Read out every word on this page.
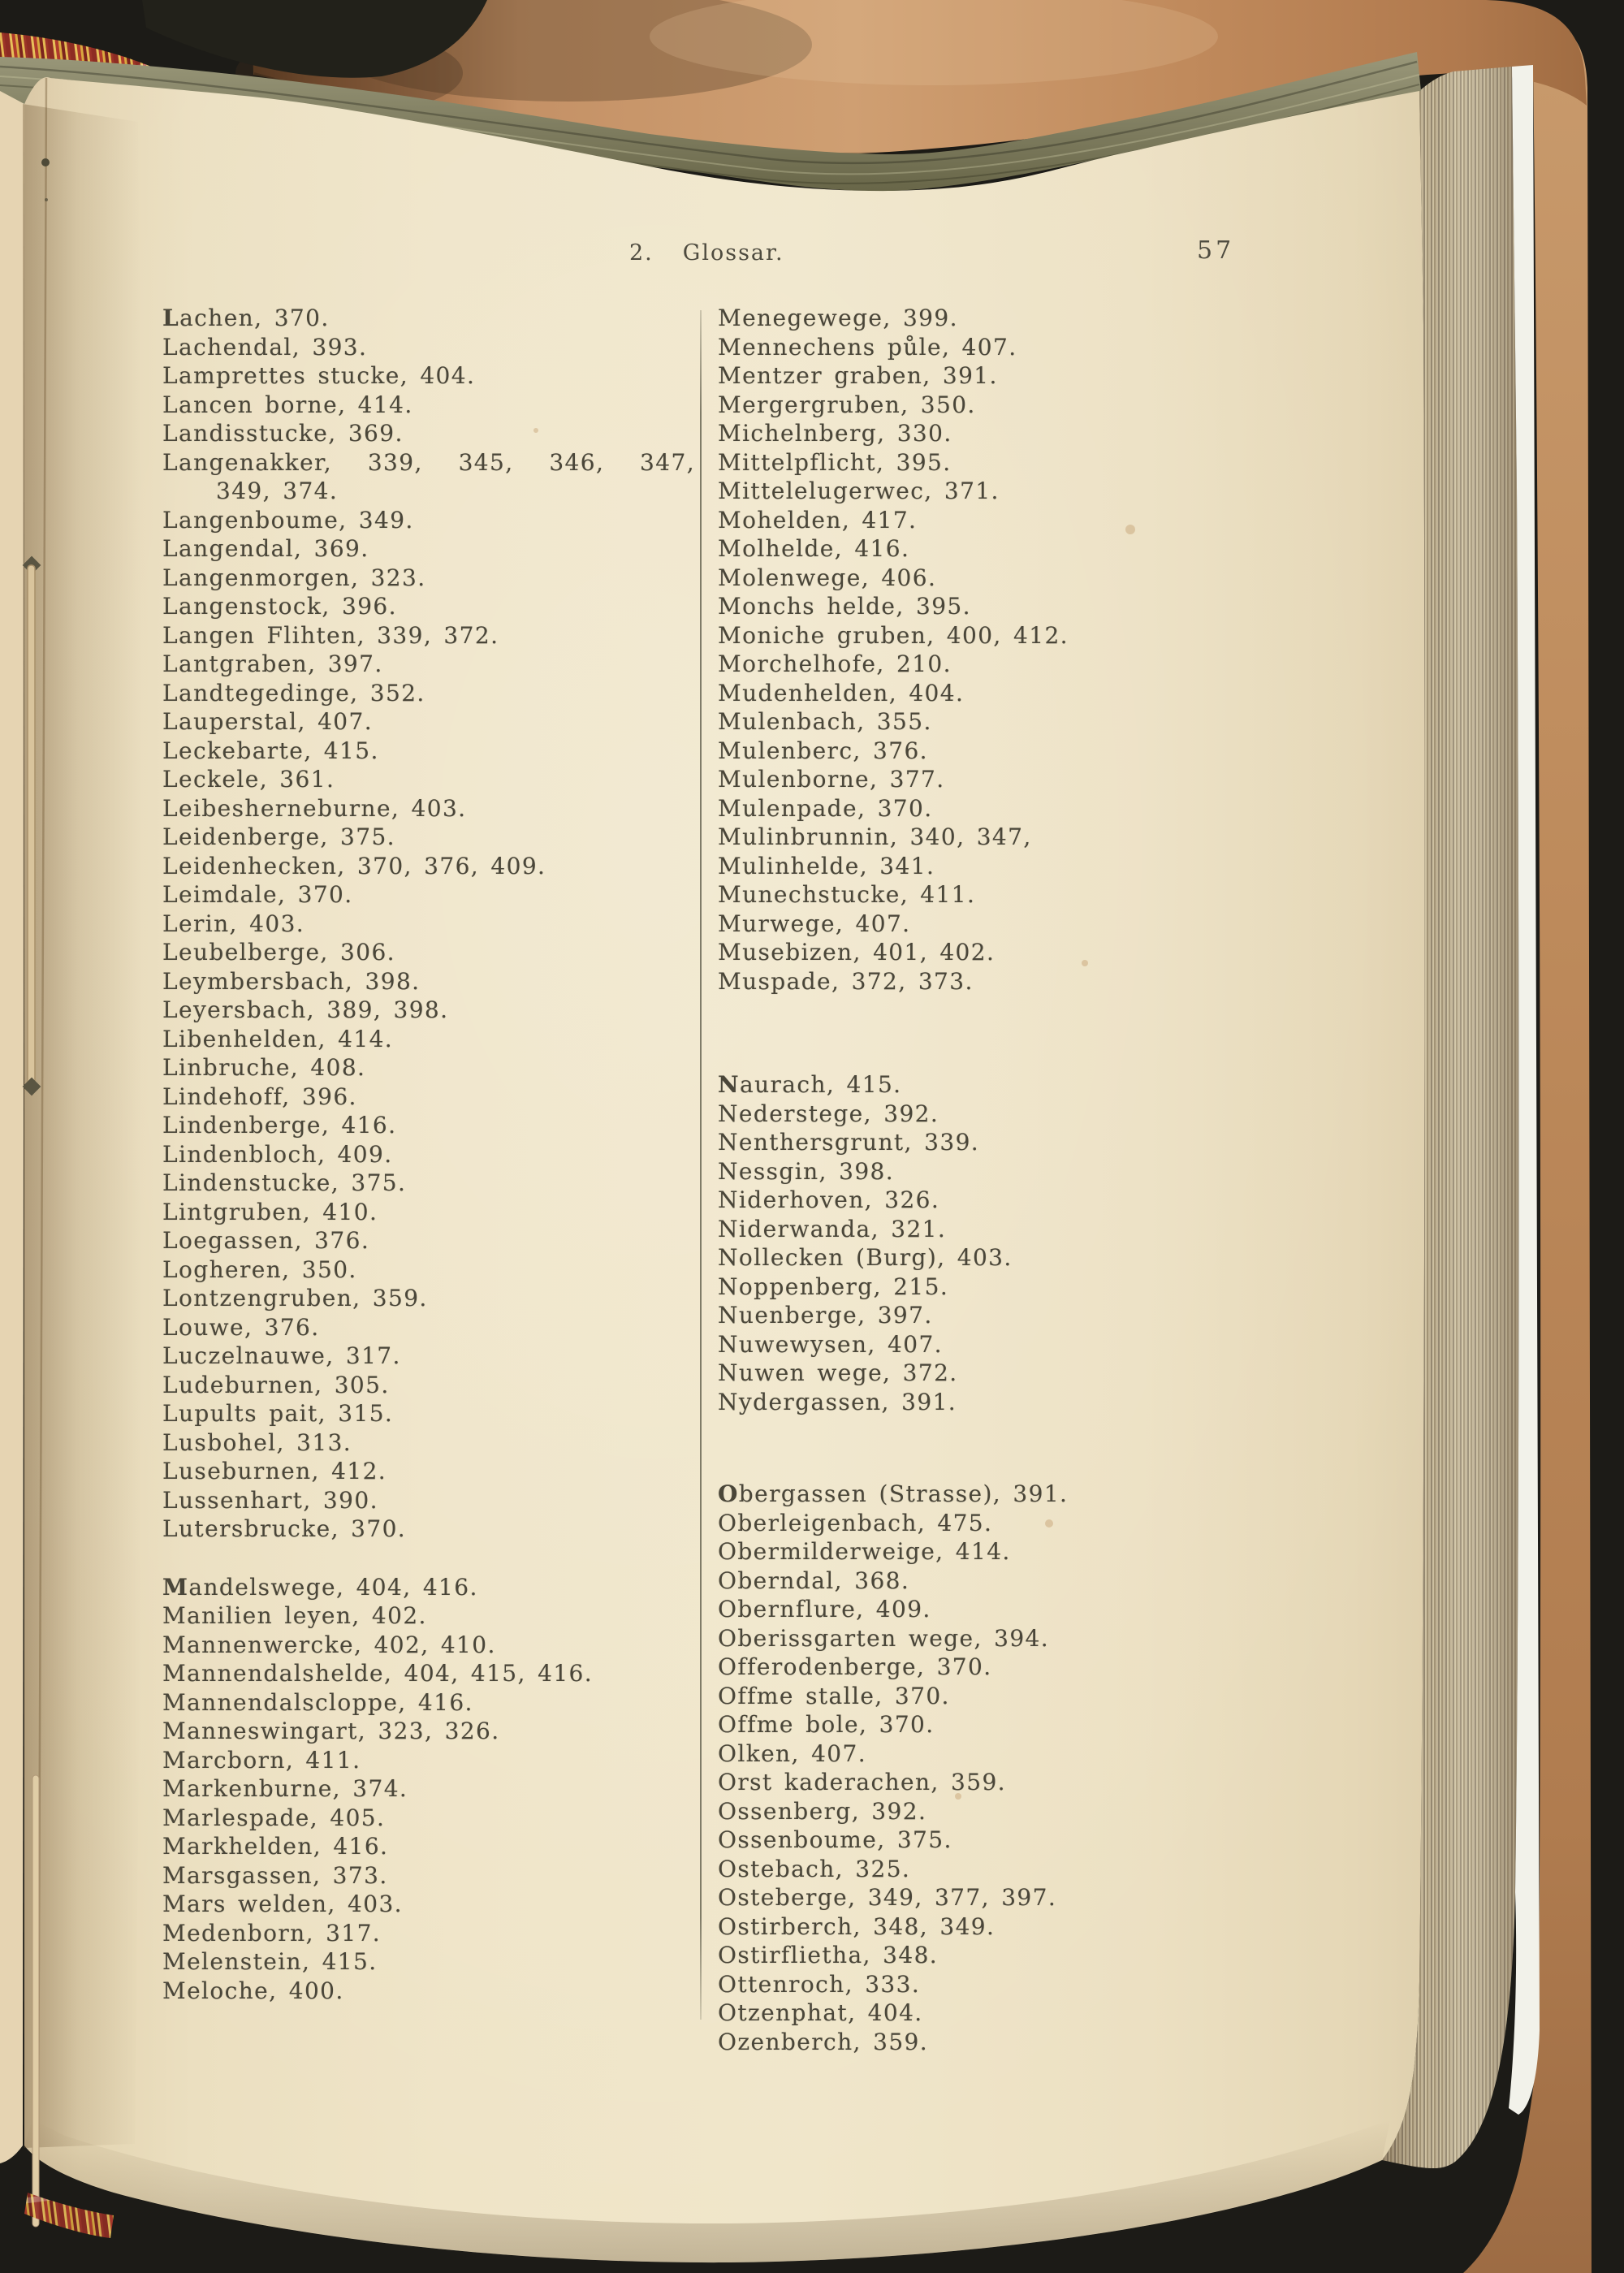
2. Glossar.	57
Lachen, 370.
Lachendal, 393.
Lamprettes stucke, 404.
Lancen borne, 414.
Landisstucke, 369.
Langenakker, 339, 345, 346, 347,
349, 374.
Langenboume, 349.
Langendal, 369.
Langenmorgen, 323.
Langenstock, 396.
Langen Flihten, 339, 372.
Lantgraben, 397.
Landtegedinge, 352.
Lauperstal, 407.
Leckebarte, 415.
Leckele, 361.
Leibesherneburne, 403.
Leidenberge, 375.
Leidenhecken, 370, 376, 409.
Leimdale, 370.
Lerin, 403.
Leubelberge, 306.
Leymbersbach, 398.
Leyersbach, 389, 398.
Libenhelden, 414.
Linbruche, 408.
Lindehoff, 396.
Lindenberge, 416.
Lindenbloch, 409.
Lindenstucke, 375.
Lintgruben, 410.
Loegassen, 376.
Logheren, 350.
Lontzengruben, 359.
Louwe, 376.
Luczelnauwe, 317.
Ludeburnen, 305.
Lupults pait, 315.
Lusbohel, 313.
Luseburnen, 412.
Lussenhart, 390.
Lutersbrucke, 370.
Mandelswege, 404, 416.
Manilien leyen, 402.
Mannenwercke, 402, 410.
Mannendalshelde, 404, 415, 416.
Mannendalscloppe, 416.
Manneswingart, 323, 326.
Marcborn, 411.
Markenburne, 374.
Marlespade, 405.
Markhelden, 416.
Marsgassen, 373.
Mars welden, 403.
Medenborn, 317.
Melenstein, 415.
Meloche, 400.
Menegewege, 399.
Mennechens půle, 407.
Mentzer graben, 391.
Mergergruben, 350.
Michelnberg, 330.
Mittelpflicht, 395.
Mittelelugerwec, 371.
Mohelden, 417.
Molhelde, 416.
Molenwege, 406.
Monchs helde, 395.
Moniche gruben, 400, 412.
Morchelhofe, 210.
Mudenhelden, 404.
Mulenbach, 355.
Mulenberc, 376.
Mulenborne, 377.
Mulenpade, 370.
Mulinbrunnin, 340, 347,
Mulinhelde, 341.
Munechstucke, 411.
Murwege, 407.
Musebizen, 401, 402.
Muspade, 372, 373.
Naurach, 415.
Nederstege, 392.
Nenthersgrunt, 339.
Nessgin, 398.
Niderhoven, 326.
Niderwanda, 321.
Nollecken (Burg), 403.
Noppenberg, 215.
Nuenberge, 397.
Nuwewysen, 407.
Nuwen wege, 372.
Nydergassen, 391.
Obergassen (Strasse), 391.
Oberleigenbach, 475.
Obermilderweige, 414.
Oberndal, 368.
Obernflure, 409.
Oberissgarten wege, 394.
Offerodenberge, 370.
Offme stalle, 370.
Offme bole, 370.
Olken, 407.
Orst kaderachen, 359.
Ossenberg, 392.
Ossenboume, 375.
Ostebach, 325.
Osteberge, 349, 377, 397.
Ostirberch, 348, 349.
Ostirflietha, 348.
Ottenroch, 333.
Otzenphat, 404.
Ozenberch, 359.
